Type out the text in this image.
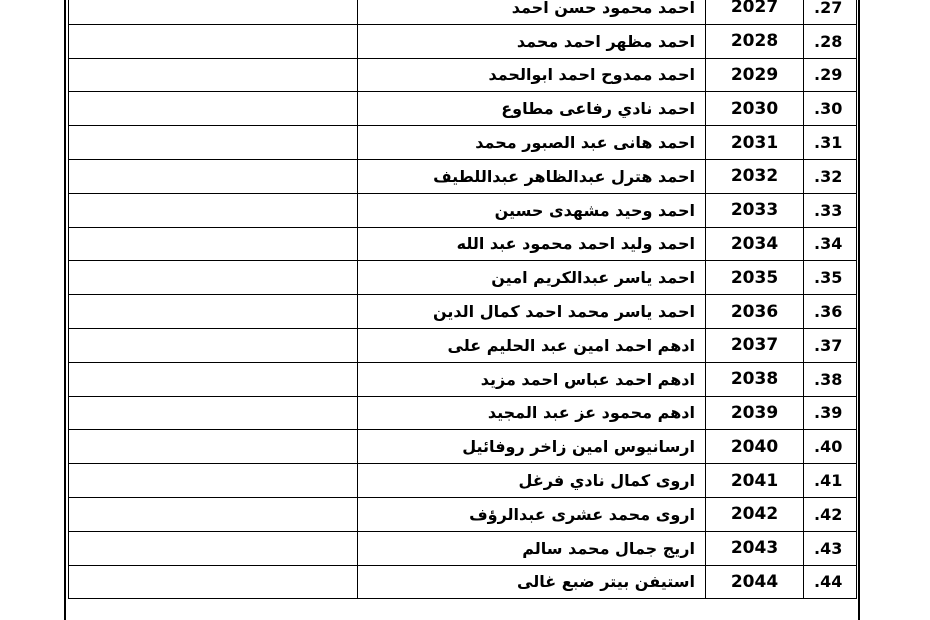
	احمد محمود حسن احمد	2027	.27
	احمد مظهر احمد محمد	2028	.28
	احمد ممدوح احمد ابوالحمد	2029	.29
	احمد نادي رفاعى مطاوع	2030	.30
	احمد هانى عبد الصبور محمد	2031	.31
	احمد هترل عبدالظاهر عبداللطيف	2032	.32
	احمد وحيد مشهدى حسين	2033	.33
	احمد وليد احمد محمود عبد الله	2034	.34
	احمد ياسر عبدالكريم امين	2035	.35
	احمد ياسر محمد احمد كمال الدين	2036	.36
	ادهم احمد امين عبد الحليم على	2037	.37
	ادهم احمد عباس احمد مزيد	2038	.38
	ادهم محمود عز عبد المجيد	2039	.39
	ارسانيوس امين زاخر روفائيل	2040	.40
	اروى كمال نادي فرغل	2041	.41
	اروى محمد عشرى عبدالرؤف	2042	.42
	اريج جمال محمد سالم	2043	.43
	استيفن بيتر ضبع غالى	2044	.44
